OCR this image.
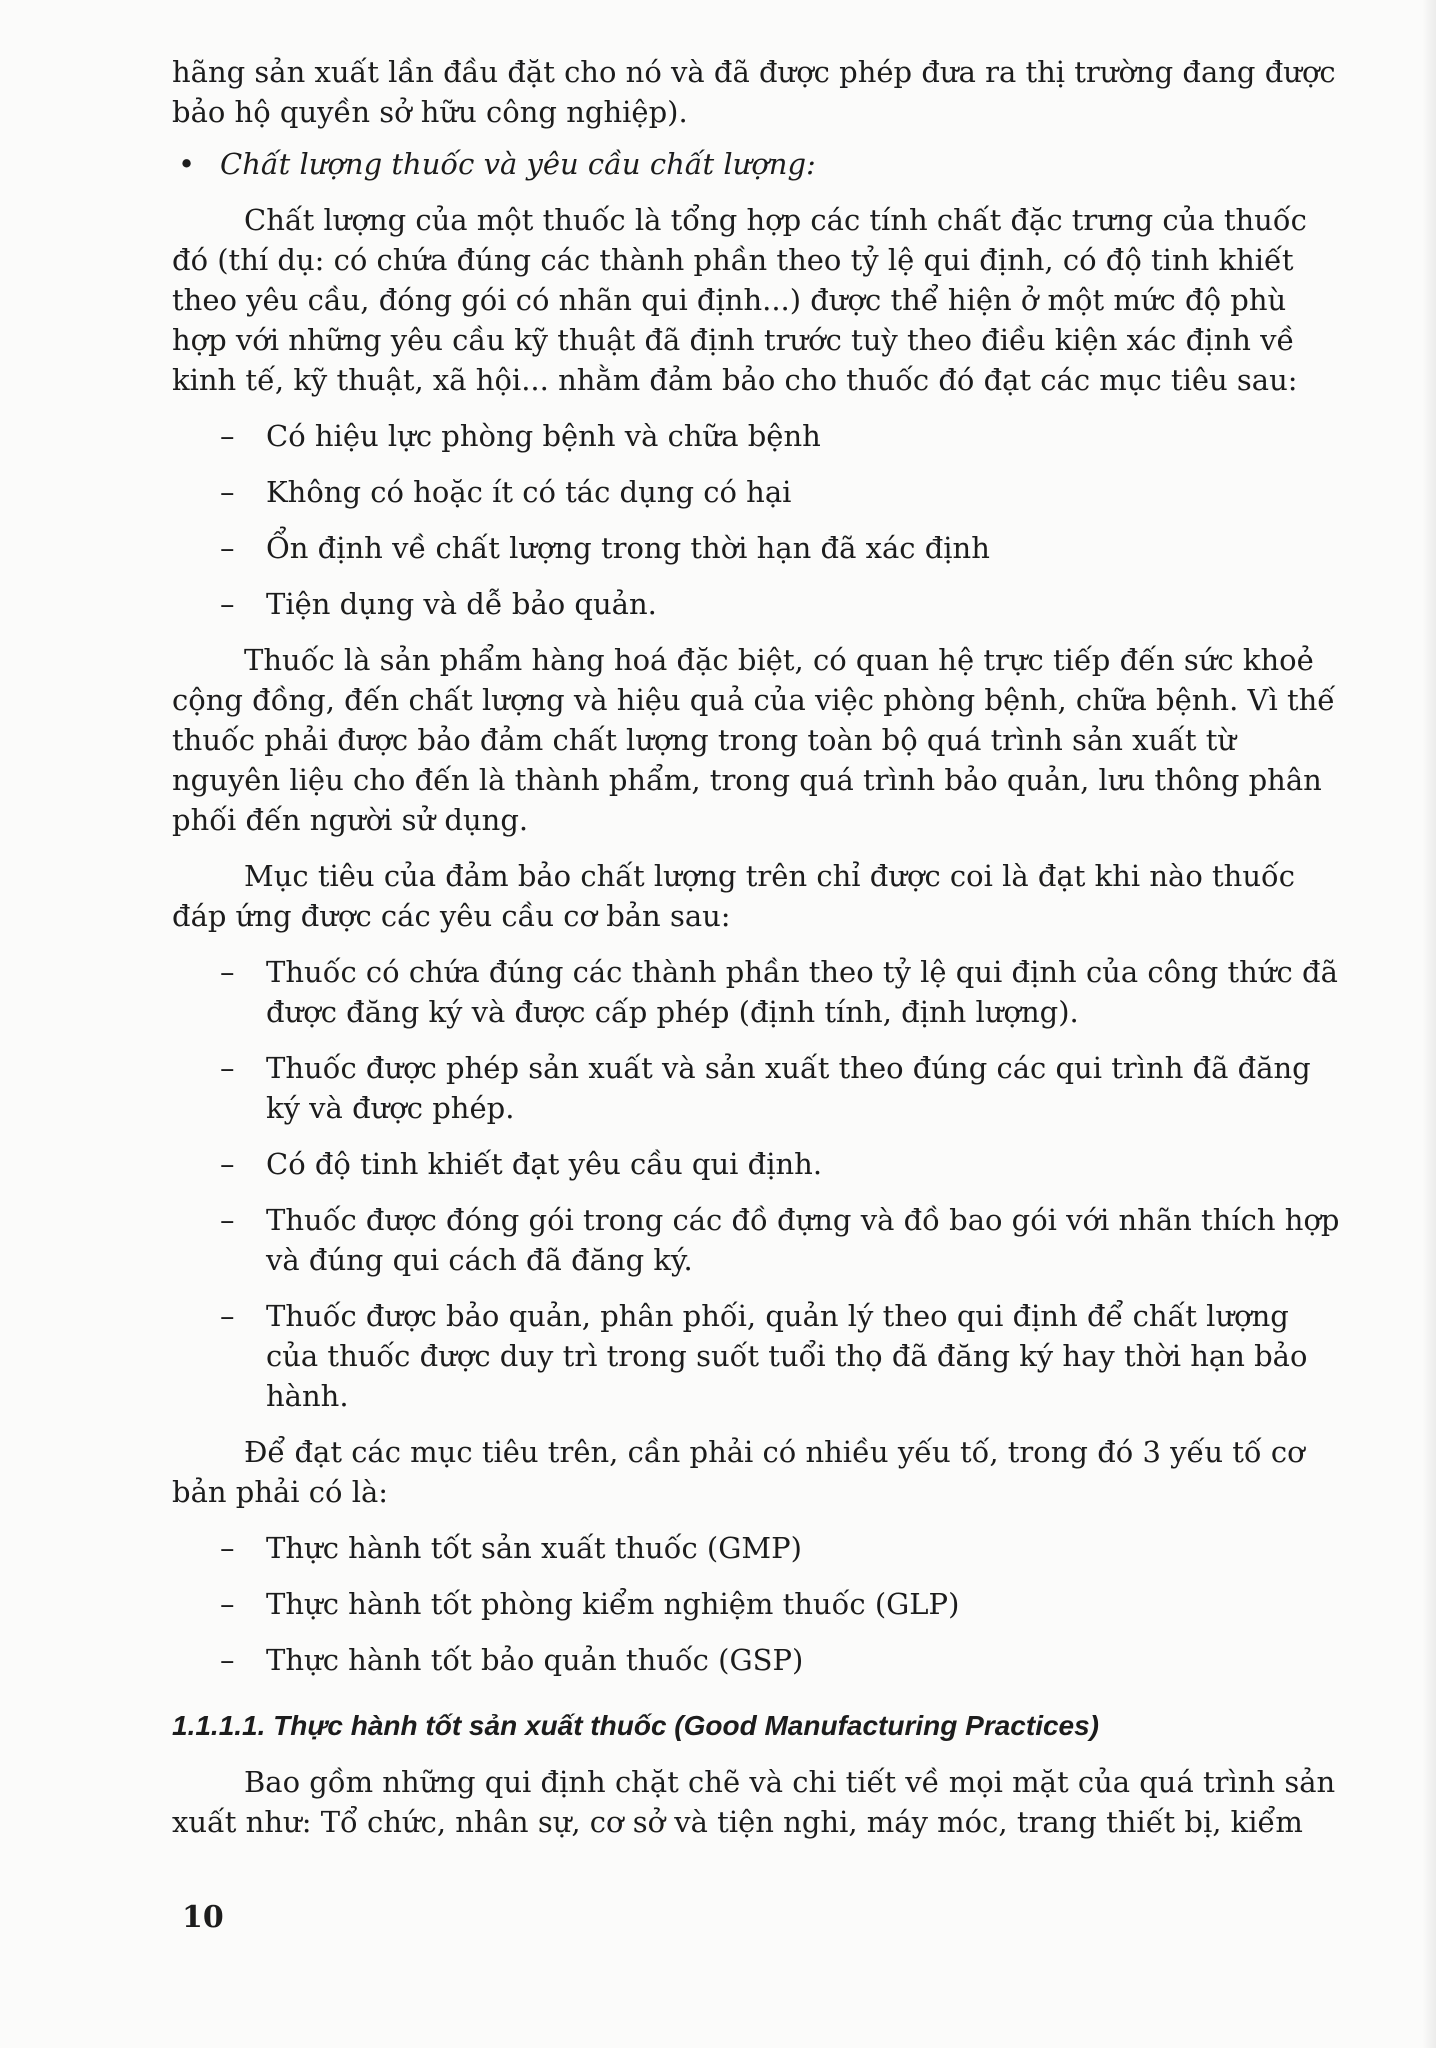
hãng sản xuất lần đầu đặt cho nó và đã được phép đưa ra thị trường đang được bảo hộ quyền sở hữu công nghiệp).

• Chất lượng thuốc và yêu cầu chất lượng:

Chất lượng của một thuốc là tổng hợp các tính chất đặc trưng của thuốc đó (thí dụ: có chứa đúng các thành phần theo tỷ lệ qui định, có độ tinh khiết theo yêu cầu, đóng gói có nhãn qui định...) được thể hiện ở một mức độ phù hợp với những yêu cầu kỹ thuật đã định trước tuỳ theo điều kiện xác định về kinh tế, kỹ thuật, xã hội... nhằm đảm bảo cho thuốc đó đạt các mục tiêu sau:

– Có hiệu lực phòng bệnh và chữa bệnh
– Không có hoặc ít có tác dụng có hại
– Ổn định về chất lượng trong thời hạn đã xác định
– Tiện dụng và dễ bảo quản.

Thuốc là sản phẩm hàng hoá đặc biệt, có quan hệ trực tiếp đến sức khoẻ cộng đồng, đến chất lượng và hiệu quả của việc phòng bệnh, chữa bệnh. Vì thế thuốc phải được bảo đảm chất lượng trong toàn bộ quá trình sản xuất từ nguyên liệu cho đến là thành phẩm, trong quá trình bảo quản, lưu thông phân phối đến người sử dụng.

Mục tiêu của đảm bảo chất lượng trên chỉ được coi là đạt khi nào thuốc đáp ứng được các yêu cầu cơ bản sau:

– Thuốc có chứa đúng các thành phần theo tỷ lệ qui định của công thức đã được đăng ký và được cấp phép (định tính, định lượng).
– Thuốc được phép sản xuất và sản xuất theo đúng các qui trình đã đăng ký và được phép.
– Có độ tinh khiết đạt yêu cầu qui định.
– Thuốc được đóng gói trong các đồ đựng và đồ bao gói với nhãn thích hợp và đúng qui cách đã đăng ký.
– Thuốc được bảo quản, phân phối, quản lý theo qui định để chất lượng của thuốc được duy trì trong suốt tuổi thọ đã đăng ký hay thời hạn bảo hành.

Để đạt các mục tiêu trên, cần phải có nhiều yếu tố, trong đó 3 yếu tố cơ bản phải có là:

– Thực hành tốt sản xuất thuốc (GMP)
– Thực hành tốt phòng kiểm nghiệm thuốc (GLP)
– Thực hành tốt bảo quản thuốc (GSP)

1.1.1.1. Thực hành tốt sản xuất thuốc (Good Manufacturing Practices)

Bao gồm những qui định chặt chẽ và chi tiết về mọi mặt của quá trình sản xuất như: Tổ chức, nhân sự, cơ sở và tiện nghi, máy móc, trang thiết bị, kiểm

10
